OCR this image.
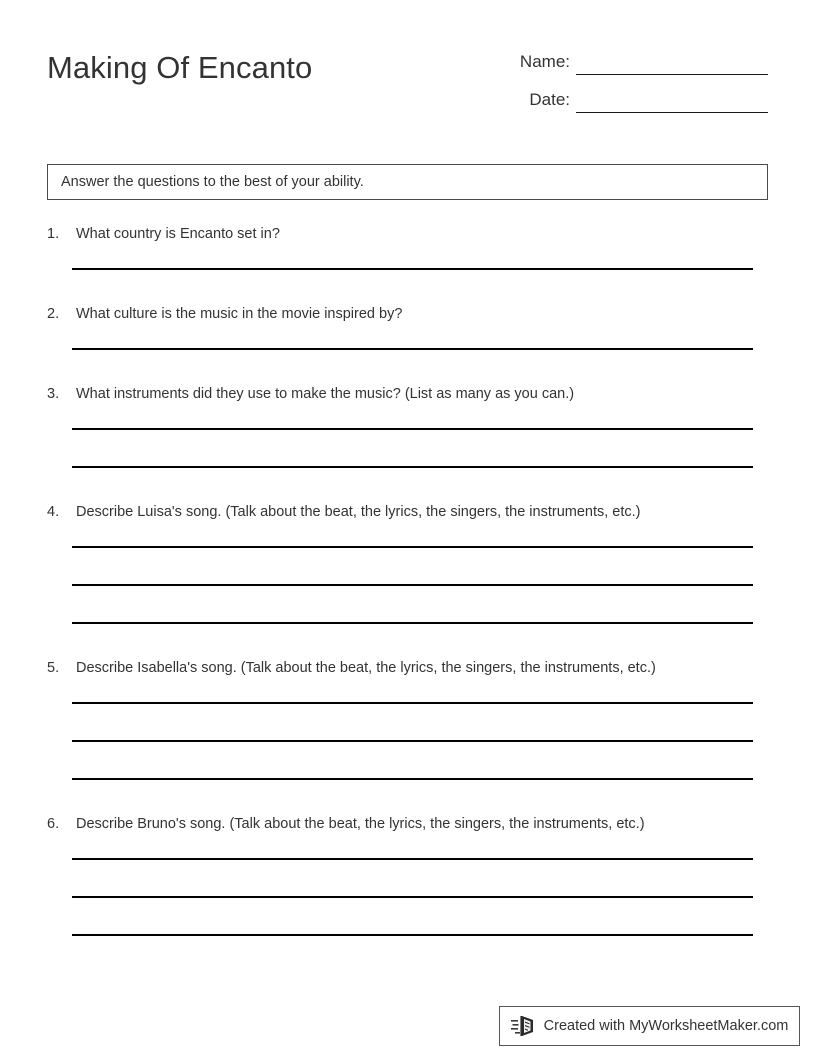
Making Of Encanto	Name:
Date:
Answer the questions to the best of your ability.
1.	What country is Encanto set in?
2.	What culture is the music in the movie inspired by?
3.	What instruments did they use to make the music? (List as many as you can.)
4.	Describe Luisa's song. (Talk about the beat, the lyrics, the singers, the instruments, etc.)
5.	Describe Isabella's song. (Talk about the beat, the lyrics, the singers, the instruments, etc.)
6.	Describe Bruno's song. (Talk about the beat, the lyrics, the singers, the instruments, etc.)
Created with MyWorksheetMaker.com
